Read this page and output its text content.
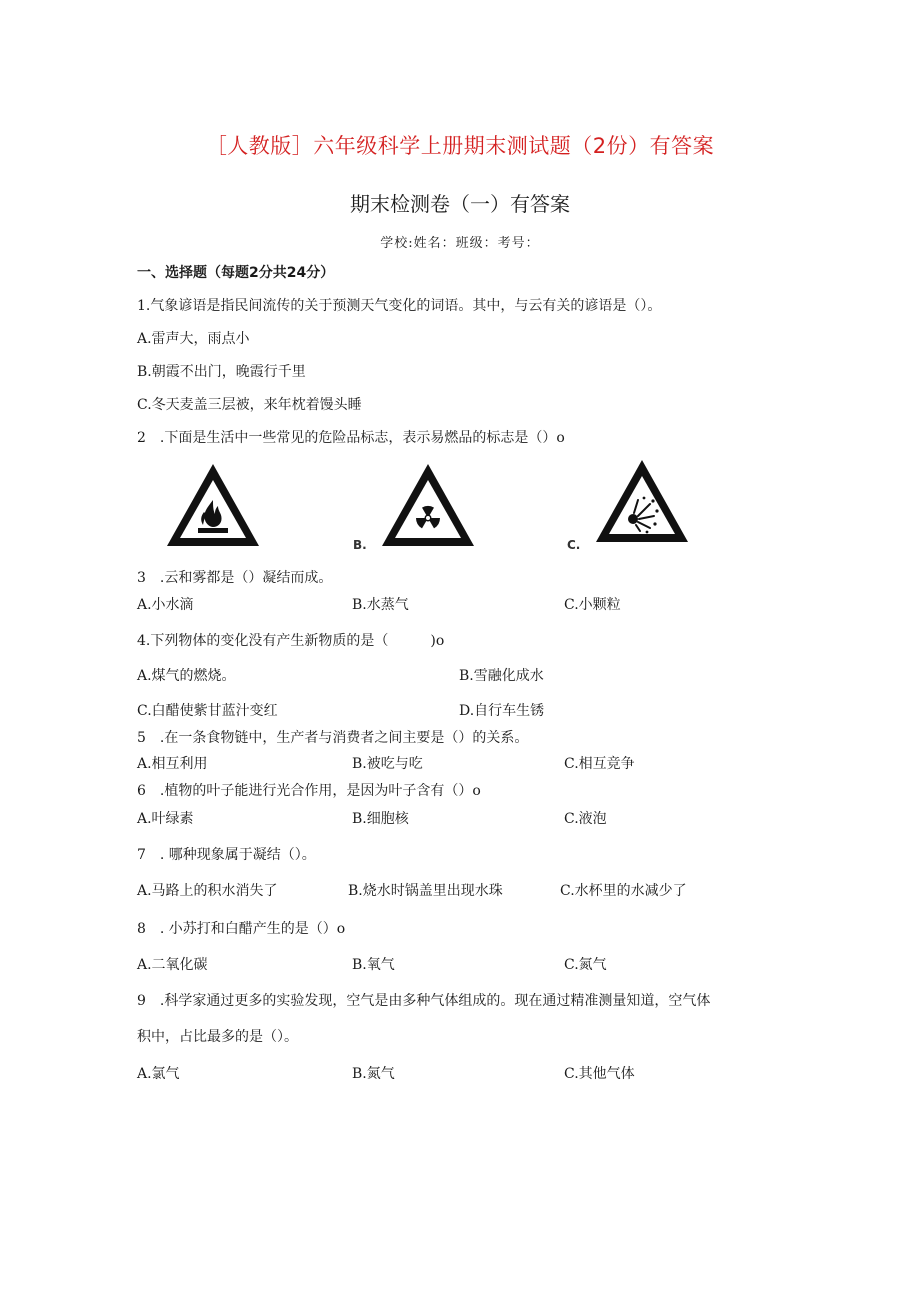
［人教版］六年级科学上册期末测试题（2份）有答案
期末检测卷（一）有答案
学校:姓名：班级：考号：
一、选择题（每题2分共24分）
1.气象谚语是指民间流传的关于预测天气变化的词语。其中，与云有关的谚语是（）。
A.雷声大，雨点小
B.朝霞不出门，晚霞行千里
C.冬天麦盖三层被，来年枕着馒头睡
2　.下面是生活中一些常见的危险品标志，表示易燃品的标志是（）o
B.	C.
3　.云和雾都是（）凝结而成。
A.小水滴	B.水蒸气	C.小颗粒
4.下列物体的变化没有产生新物质的是（　　　)o
A.煤气的燃烧。	B.雪融化成水
C.白醋使紫甘蓝汁变红	D.自行车生锈
5　.在一条食物链中，生产者与消费者之间主要是（）的关系。
A.相互利用	B.被吃与吃	C.相互竞争
6　.植物的叶子能进行光合作用，是因为叶子含有（）o
A.叶绿素	B.细胞核	C.液泡
7　. 哪种现象属于凝结（）。
A.马路上的积水消失了	B.烧水时锅盖里出现水珠	C.水杯里的水减少了
8　. 小苏打和白醋产生的是（）o
A.二氧化碳	B.氧气	C.氮气
9　.科学家通过更多的实验发现，空气是由多种气体组成的。现在通过精准测量知道，空气体
积中，占比最多的是（）。
A.氯气	B.氮气	C.其他气体
